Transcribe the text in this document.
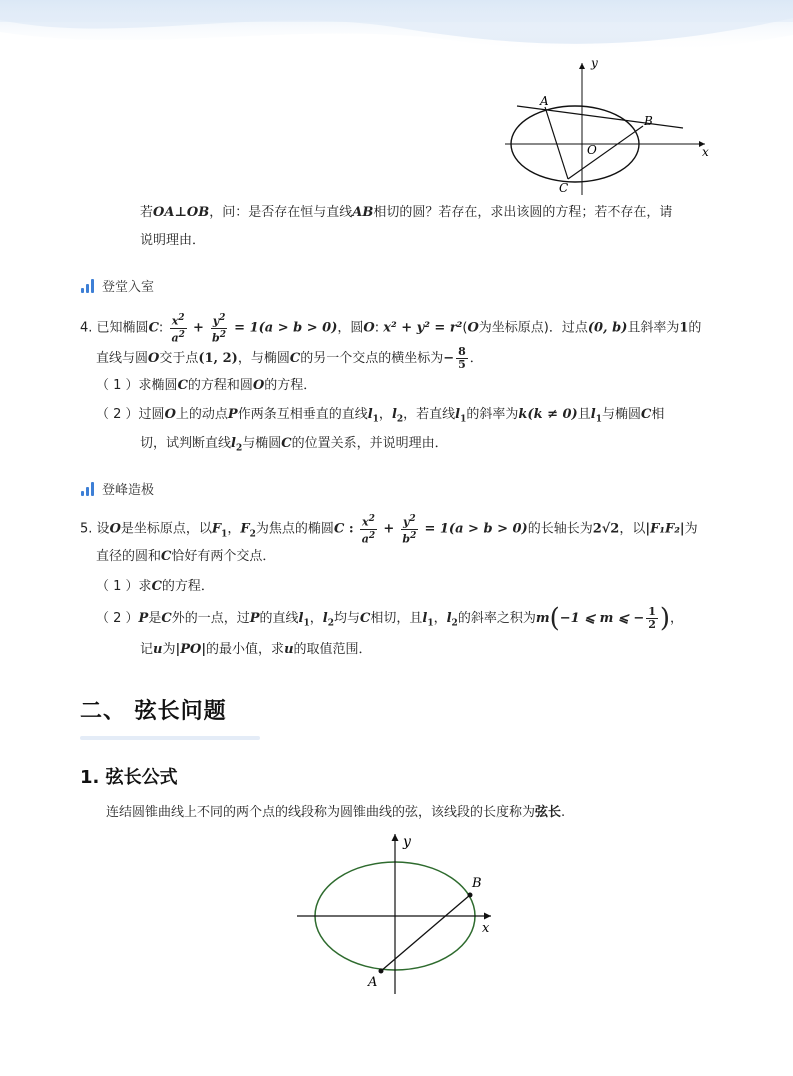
y
x
A
B
C
O
若OA⊥OB，问：是否存在恒与直线AB相切的圆？若存在，求出该圆的方程；若不存在，请
说明理由．
登堂入室
4. 已知椭圆C: $\frac{x^2}{a^2} + \frac{y^2}{b^2} = 1(a > b > 0)$，圆O: x² + y² = r²(O为坐标原点)．过点(0, b)且斜率为1的
直线与圆O交于点(1, 2)，与椭圆C的另一个交点的横坐标为− $\frac{8}{5}$ ．
（ 1 ）求椭圆C的方程和圆O的方程．
（ 2 ）过圆O上的动点P作两条互相垂直的直线$l_1$，$l_2$，若直线$l_1$的斜率为k(k ≠ 0)且$l_1$与椭圆C相
切，试判断直线$l_2$与椭圆C的位置关系，并说明理由．
登峰造极
5. 设O是坐标原点，以$F_1$，$F_2$为焦点的椭圆C : $\frac{x^2}{a^2} + \frac{y^2}{b^2} = 1(a > b > 0)$的长轴长为2√2，以|F₁F₂|为
直径的圆和C恰好有两个交点．
（ 1 ）求C的方程．
（ 2 ）P是C外的一点，过P的直线$l_1$，$l_2$均与C相切，且$l_1$，$l_2$的斜率之积为m(−1 ⩽ m ⩽ − $\frac{1}{2}$ )，
记u为|PO|的最小值，求u的取值范围．
二、 弦长问题
1. 弦长公式
连结圆锥曲线上不同的两个点的线段称为圆锥曲线的弦，该线段的长度称为弦长.
y
x
A
B
